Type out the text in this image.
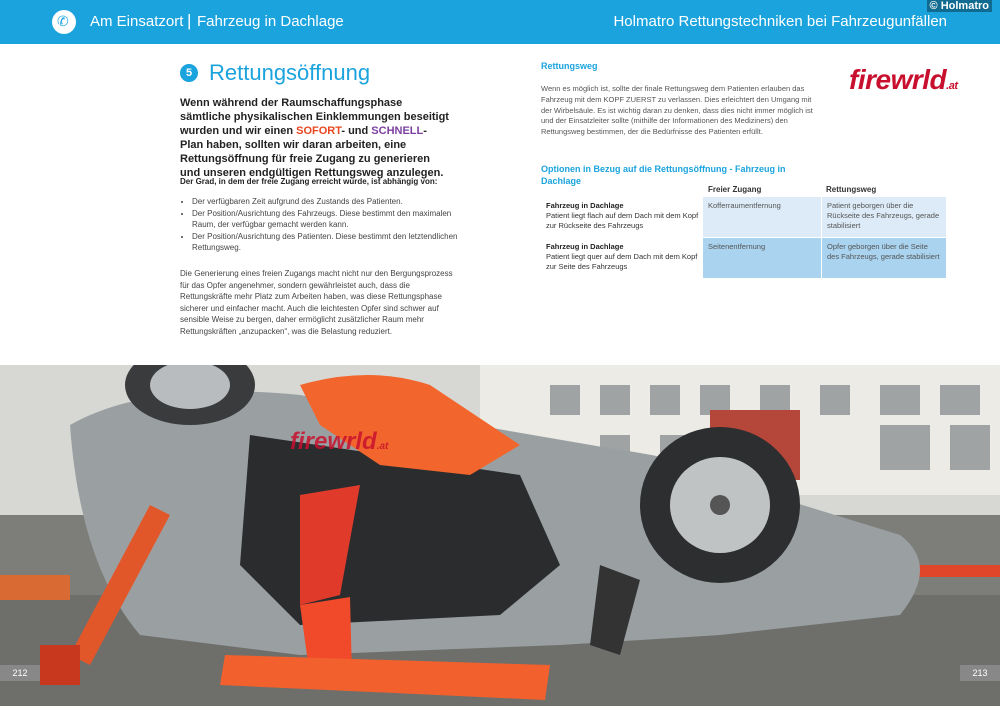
✆ Am Einsatzort | Fahrzeug in Dachlage	Holmatro Rettungstechniken bei Fahrzeugunfällen
© Holmatro
5 Rettungsöffnung
Wenn während der Raumschaffungsphase sämtliche physikalischen Einklemmungen beseitigt wurden und wir einen SOFORT- und SCHNELL-Plan haben, sollten wir daran arbeiten, eine Rettungsöffnung für freie Zugang zu generieren und unseren endgültigen Rettungsweg anzulegen.
Der Grad, in dem der freie Zugang erreicht wurde, ist abhängig von:
• Der verfügbaren Zeit aufgrund des Zustands des Patienten.
• Der Position/Ausrichtung des Fahrzeugs. Diese bestimmt den maximalen Raum, der verfügbar gemacht werden kann.
• Der Position/Ausrichtung des Patienten. Diese bestimmt den letztendlichen Rettungsweg.
Die Generierung eines freien Zugangs macht nicht nur den Bergungsprozess für das Opfer angenehmer, sondern gewährleistet auch, dass die Rettungskräfte mehr Platz zum Arbeiten haben, was diese Rettungsphase sicherer und einfacher macht. Auch die leichtesten Opfer sind schwer auf sensible Weise zu bergen, daher ermöglicht zusätzlicher Raum mehr Rettungskräften „anzupacken“, was die Belastung reduziert.
Rettungsweg
Wenn es möglich ist, sollte der finale Rettungsweg dem Patienten erlauben das Fahrzeug mit dem KOPF ZUERST zu verlassen. Dies erleichtert den Umgang mit der Wirbelsäule. Es ist wichtig daran zu denken, dass dies nicht immer möglich ist und der Einsatzleiter sollte (mithilfe der Informationen des Mediziners) den Rettungsweg bestimmen, der die Bedürfnisse des Patienten erfüllt.
firewrld.at
Optionen in Bezug auf die Rettungsöffnung - Fahrzeug in Dachlage
Freier Zugang	Rettungsweg
Fahrzeug in Dachlage
Patient liegt flach auf dem Dach mit dem Kopf zur Rückseite des Fahrzeugs
Kofferraumentfernung	Patient geborgen über die Rückseite des Fahrzeugs, gerade stabilisiert
Fahrzeug in Dachlage
Patient liegt quer auf dem Dach mit dem Kopf zur Seite des Fahrzeugs
Seitenentfernung	Opfer geborgen über die Seite des Fahrzeugs, gerade stabilisiert
firewrld.at
212	213
